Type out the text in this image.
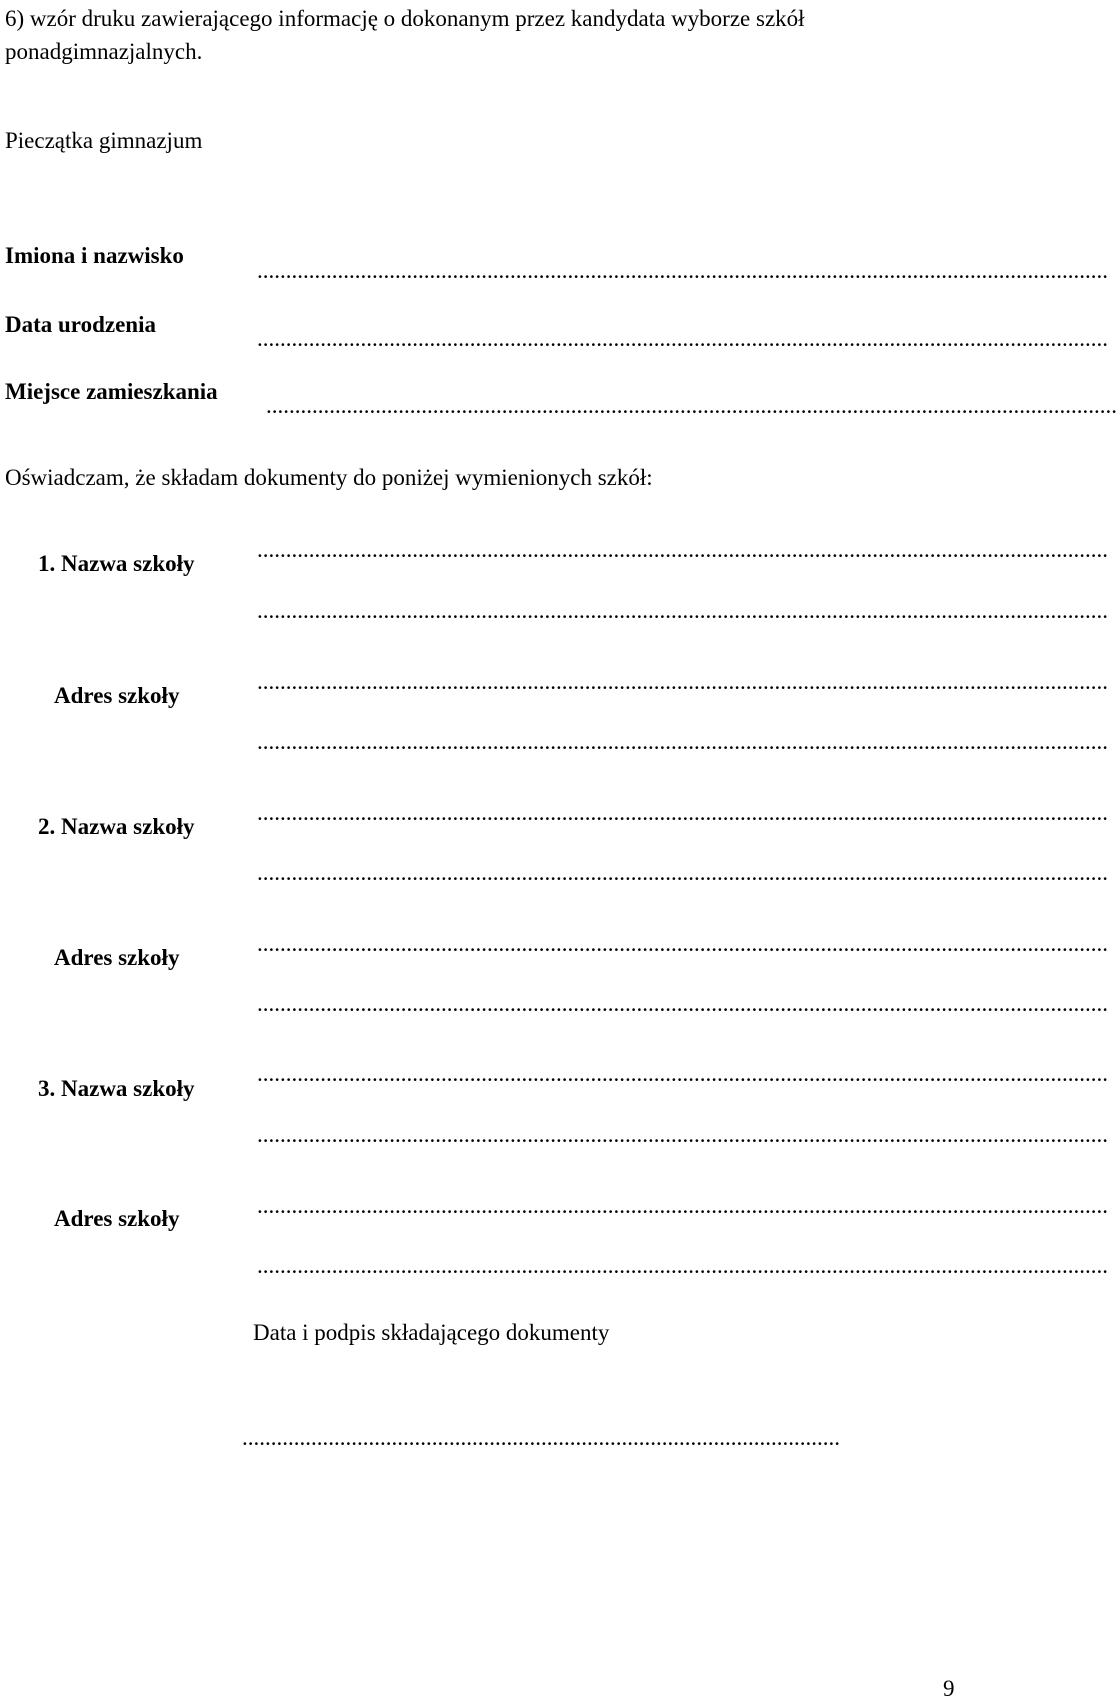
6) wzór druku zawierającego informację o dokonanym przez kandydata wyborze szkół ponadgimnazjalnych.
Pieczątka gimnazjum
Imiona i nazwisko
....................................................................................................................................................
Data urodzenia
....................................................................................................................................................
Miejsce zamieszkania
....................................................................................................................................................
Oświadczam, że składam dokumenty do poniżej wymienionych szkół:
1. Nazwa szkoły
....................................................................................................................................................
....................................................................................................................................................
Adres szkoły
....................................................................................................................................................
....................................................................................................................................................
2. Nazwa szkoły
....................................................................................................................................................
....................................................................................................................................................
Adres szkoły
....................................................................................................................................................
....................................................................................................................................................
3. Nazwa szkoły
....................................................................................................................................................
....................................................................................................................................................
Adres szkoły
....................................................................................................................................................
....................................................................................................................................................
Data i podpis składającego dokumenty
........................................................................................................
9
